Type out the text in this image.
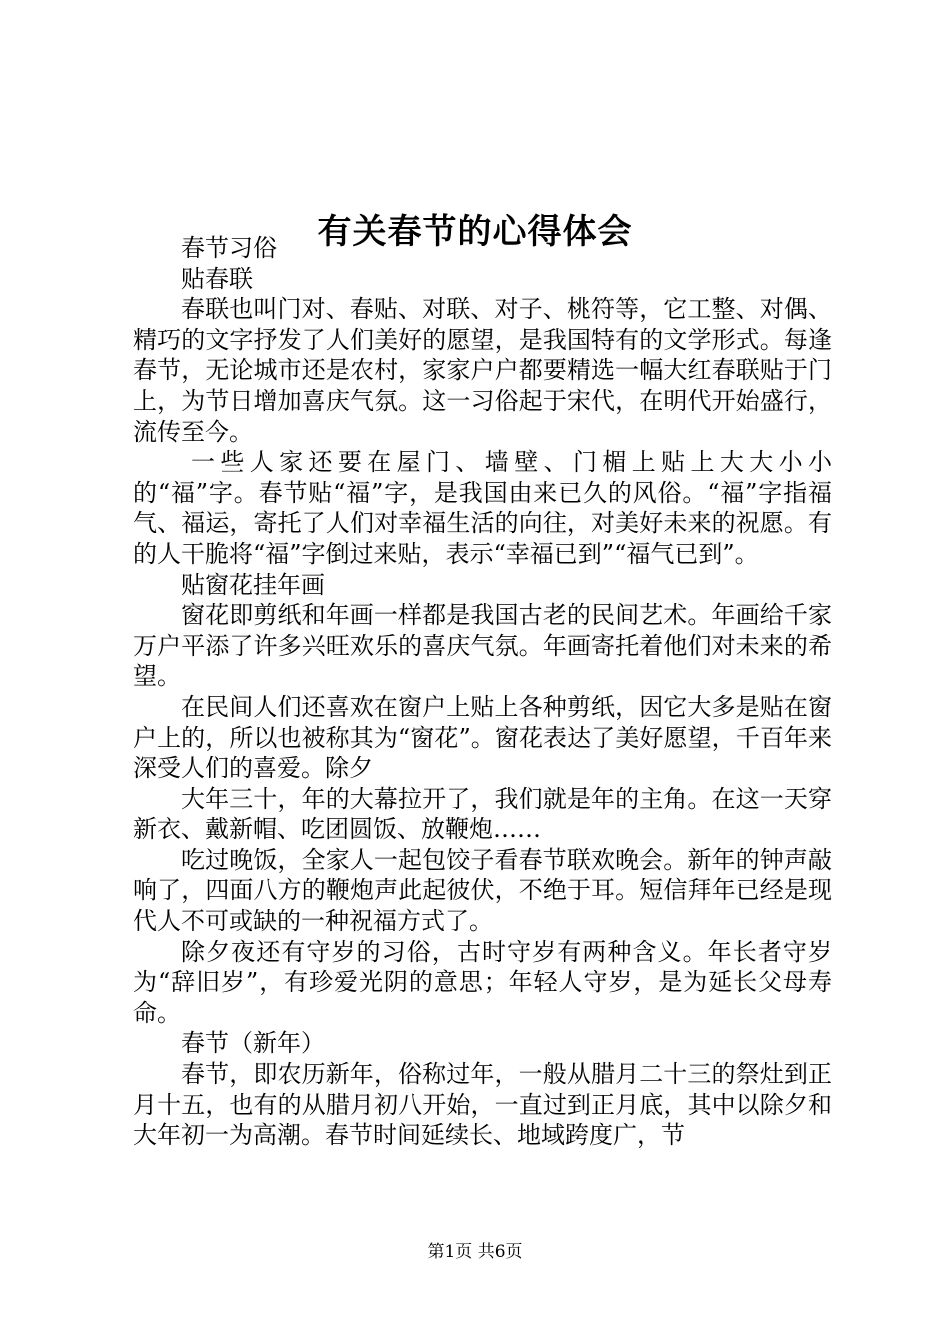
有关春节的心得体会

春节习俗

贴春联

春联也叫门对、春贴、对联、对子、桃符等，它工整、对偶、精巧的文字抒发了人们美好的愿望，是我国特有的文学形式。每逢春节，无论城市还是农村，家家户户都要精选一幅大红春联贴于门上，为节日增加喜庆气氛。这一习俗起于宋代，在明代开始盛行，流传至今。

一些人家还要在屋门、墙壁、门楣上贴上大大小小的“福”字。春节贴“福”字，是我国由来已久的风俗。“福”字指福气、福运，寄托了人们对幸福生活的向往，对美好未来的祝愿。有的人干脆将“福”字倒过来贴，表示“幸福已到”“福气已到”。

贴窗花挂年画

窗花即剪纸和年画一样都是我国古老的民间艺术。年画给千家万户平添了许多兴旺欢乐的喜庆气氛。年画寄托着他们对未来的希望。

在民间人们还喜欢在窗户上贴上各种剪纸，因它大多是贴在窗户上的，所以也被称其为“窗花”。窗花表达了美好愿望，千百年来深受人们的喜爱。除夕

大年三十，年的大幕拉开了，我们就是年的主角。在这一天穿新衣、戴新帽、吃团圆饭、放鞭炮……

吃过晚饭，全家人一起包饺子看春节联欢晚会。新年的钟声敲响了，四面八方的鞭炮声此起彼伏，不绝于耳。短信拜年已经是现代人不可或缺的一种祝福方式了。

除夕夜还有守岁的习俗，古时守岁有两种含义。年长者守岁为“辞旧岁”，有珍爱光阴的意思；年轻人守岁，是为延长父母寿命。

春节（新年）

春节，即农历新年，俗称过年，一般从腊月二十三的祭灶到正月十五，也有的从腊月初八开始，一直过到正月底，其中以除夕和大年初一为高潮。春节时间延续长、地域跨度广，节

第1页 共6页
